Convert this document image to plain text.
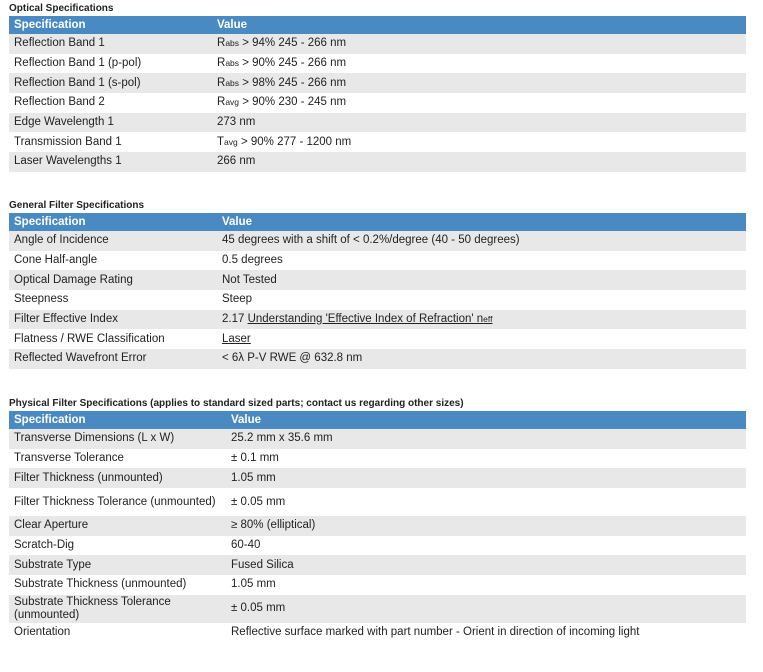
Optical Specifications
Specification	Value
Reflection Band 1	Rabs > 94% 245 - 266 nm
Reflection Band 1 (p-pol)	Rabs > 90% 245 - 266 nm
Reflection Band 1 (s-pol)	Rabs > 98% 245 - 266 nm
Reflection Band 2	Ravg > 90% 230 - 245 nm
Edge Wavelength 1	273 nm
Transmission Band 1	Tavg > 90% 277 - 1200 nm
Laser Wavelengths 1	266 nm
General Filter Specifications
Specification	Value
Angle of Incidence	45 degrees with a shift of < 0.2%/degree (40 - 50 degrees)
Cone Half-angle	0.5 degrees
Optical Damage Rating	Not Tested
Steepness	Steep
Filter Effective Index	2.17 Understanding 'Effective Index of Refraction' neff
Flatness / RWE Classification	Laser
Reflected Wavefront Error	< 6λ P-V RWE @ 632.8 nm
Physical Filter Specifications (applies to standard sized parts; contact us regarding other sizes)
Specification	Value
Transverse Dimensions (L x W)	25.2 mm x 35.6 mm
Transverse Tolerance	± 0.1 mm
Filter Thickness (unmounted)	1.05 mm
Filter Thickness Tolerance (unmounted)	± 0.05 mm
Clear Aperture	≥ 80% (elliptical)
Scratch-Dig	60-40
Substrate Type	Fused Silica
Substrate Thickness (unmounted)	1.05 mm
Substrate Thickness Tolerance (unmounted)	± 0.05 mm
Orientation	Reflective surface marked with part number - Orient in direction of incoming light
